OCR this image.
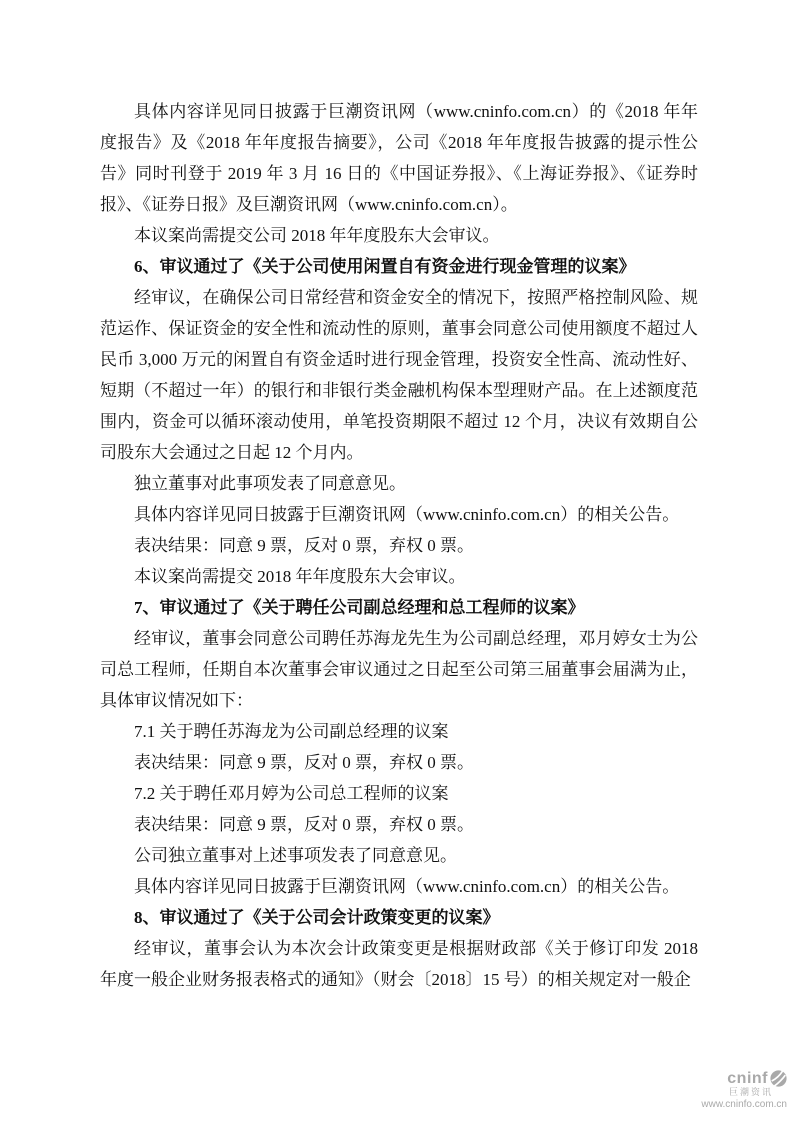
具体内容详见同日披露于巨潮资讯网（www.cninfo.com.cn）的《2018 年年度报告》及《2018 年年度报告摘要》，公司《2018 年年度报告披露的提示性公告》同时刊登于 2019 年 3 月 16 日的《中国证券报》、《上海证券报》、《证券时报》、《证券日报》及巨潮资讯网（www.cninfo.com.cn）。

本议案尚需提交公司 2018 年年度股东大会审议。

6、审议通过了《关于公司使用闲置自有资金进行现金管理的议案》

经审议，在确保公司日常经营和资金安全的情况下，按照严格控制风险、规范运作、保证资金的安全性和流动性的原则，董事会同意公司使用额度不超过人民币 3,000 万元的闲置自有资金适时进行现金管理，投资安全性高、流动性好、短期（不超过一年）的银行和非银行类金融机构保本型理财产品。在上述额度范围内，资金可以循环滚动使用，单笔投资期限不超过 12 个月，决议有效期自公司股东大会通过之日起 12 个月内。

独立董事对此事项发表了同意意见。

具体内容详见同日披露于巨潮资讯网（www.cninfo.com.cn）的相关公告。

表决结果：同意 9 票，反对 0 票，弃权 0 票。

本议案尚需提交 2018 年年度股东大会审议。

7、审议通过了《关于聘任公司副总经理和总工程师的议案》

经审议，董事会同意公司聘任苏海龙先生为公司副总经理，邓月婷女士为公司总工程师，任期自本次董事会审议通过之日起至公司第三届董事会届满为止，具体审议情况如下：

7.1 关于聘任苏海龙为公司副总经理的议案

表决结果：同意 9 票，反对 0 票，弃权 0 票。

7.2 关于聘任邓月婷为公司总工程师的议案

表决结果：同意 9 票，反对 0 票，弃权 0 票。

公司独立董事对上述事项发表了同意意见。

具体内容详见同日披露于巨潮资讯网（www.cninfo.com.cn）的相关公告。

8、审议通过了《关于公司会计政策变更的议案》

经审议，董事会认为本次会计政策变更是根据财政部《关于修订印发 2018 年度一般企业财务报表格式的通知》（财会〔2018〕15 号）的相关规定对一般企

cninf
巨潮资讯
www.cninfo.com.cn
